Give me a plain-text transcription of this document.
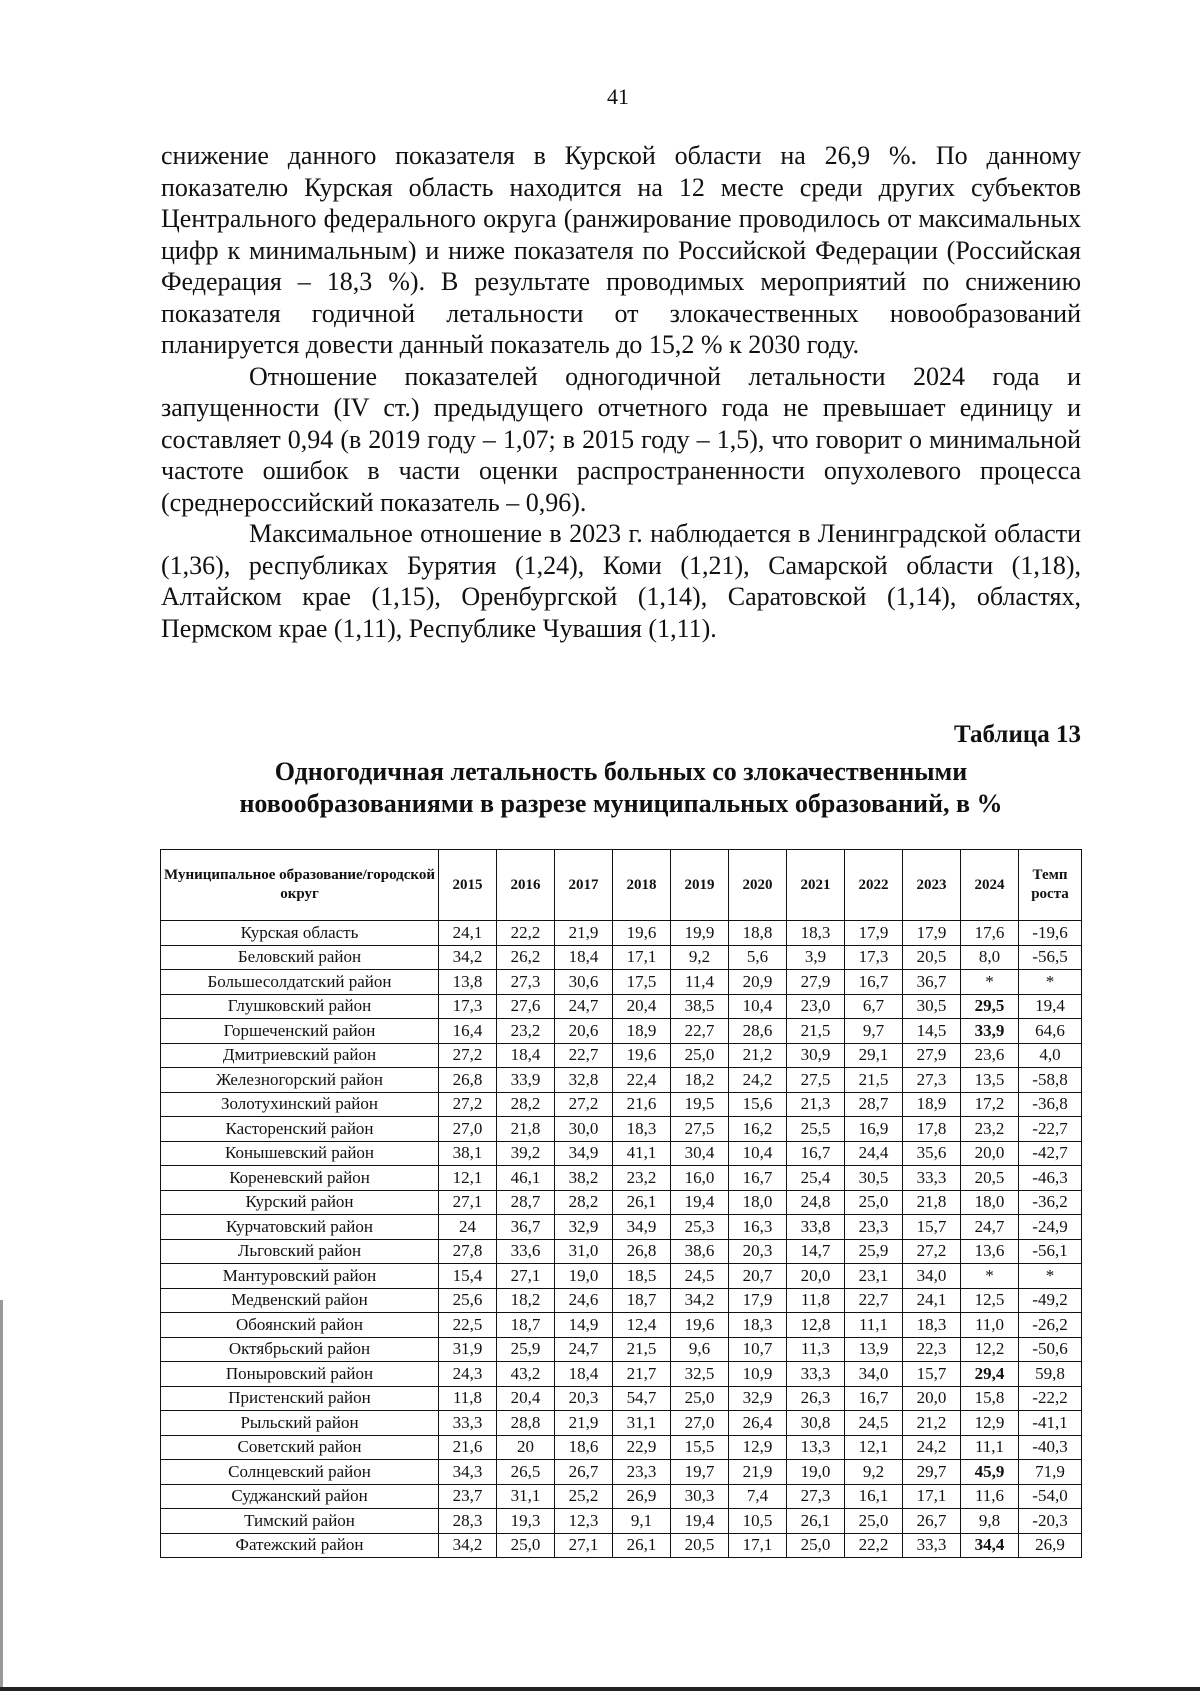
41

снижение данного показателя в Курской области на 26,9 %. По данному показателю Курская область находится на 12 месте среди других субъектов Центрального федерального округа (ранжирование проводилось от максимальных цифр к минимальным) и ниже показателя по Российской Федерации (Российская Федерация – 18,3 %). В результате проводимых мероприятий по снижению показателя годичной летальности от злокачественных новообразований планируется довести данный показатель до 15,2 % к 2030 году.

Отношение показателей одногодичной летальности 2024 года и запущенности (IV ст.) предыдущего отчетного года не превышает единицу и составляет 0,94 (в 2019 году – 1,07; в 2015 году – 1,5), что говорит о минимальной частоте ошибок в части оценки распространенности опухолевого процесса (среднероссийский показатель – 0,96).

Максимальное отношение в 2023 г. наблюдается в Ленинградской области (1,36), республиках Бурятия (1,24), Коми (1,21), Самарской области (1,18), Алтайском крае (1,15), Оренбургской (1,14), Саратовской (1,14), областях, Пермском крае (1,11), Республике Чувашия (1,11).

Таблица 13
Одногодичная летальность больных со злокачественными
новообразованиями в разрезе муниципальных образований, в %
Муниципальное образование/городской округ	2015	2016	2017	2018	2019	2020	2021	2022	2023	2024	Темп роста
Курская область	24,1	22,2	21,9	19,6	19,9	18,8	18,3	17,9	17,9	17,6	-19,6
Беловский район	34,2	26,2	18,4	17,1	9,2	5,6	3,9	17,3	20,5	8,0	-56,5
Большесолдатский район	13,8	27,3	30,6	17,5	11,4	20,9	27,9	16,7	36,7	*	*
Глушковский район	17,3	27,6	24,7	20,4	38,5	10,4	23,0	6,7	30,5	29,5	19,4
Горшеченский район	16,4	23,2	20,6	18,9	22,7	28,6	21,5	9,7	14,5	33,9	64,6
Дмитриевский район	27,2	18,4	22,7	19,6	25,0	21,2	30,9	29,1	27,9	23,6	4,0
Железногорский район	26,8	33,9	32,8	22,4	18,2	24,2	27,5	21,5	27,3	13,5	-58,8
Золотухинский район	27,2	28,2	27,2	21,6	19,5	15,6	21,3	28,7	18,9	17,2	-36,8
Касторенский район	27,0	21,8	30,0	18,3	27,5	16,2	25,5	16,9	17,8	23,2	-22,7
Конышевский район	38,1	39,2	34,9	41,1	30,4	10,4	16,7	24,4	35,6	20,0	-42,7
Кореневский район	12,1	46,1	38,2	23,2	16,0	16,7	25,4	30,5	33,3	20,5	-46,3
Курский район	27,1	28,7	28,2	26,1	19,4	18,0	24,8	25,0	21,8	18,0	-36,2
Курчатовский район	24	36,7	32,9	34,9	25,3	16,3	33,8	23,3	15,7	24,7	-24,9
Льговский район	27,8	33,6	31,0	26,8	38,6	20,3	14,7	25,9	27,2	13,6	-56,1
Мантуровский район	15,4	27,1	19,0	18,5	24,5	20,7	20,0	23,1	34,0	*	*
Медвенский район	25,6	18,2	24,6	18,7	34,2	17,9	11,8	22,7	24,1	12,5	-49,2
Обоянский район	22,5	18,7	14,9	12,4	19,6	18,3	12,8	11,1	18,3	11,0	-26,2
Октябрьский район	31,9	25,9	24,7	21,5	9,6	10,7	11,3	13,9	22,3	12,2	-50,6
Поныровский район	24,3	43,2	18,4	21,7	32,5	10,9	33,3	34,0	15,7	29,4	59,8
Пристенский район	11,8	20,4	20,3	54,7	25,0	32,9	26,3	16,7	20,0	15,8	-22,2
Рыльский район	33,3	28,8	21,9	31,1	27,0	26,4	30,8	24,5	21,2	12,9	-41,1
Советский район	21,6	20	18,6	22,9	15,5	12,9	13,3	12,1	24,2	11,1	-40,3
Солнцевский район	34,3	26,5	26,7	23,3	19,7	21,9	19,0	9,2	29,7	45,9	71,9
Суджанский район	23,7	31,1	25,2	26,9	30,3	7,4	27,3	16,1	17,1	11,6	-54,0
Тимский район	28,3	19,3	12,3	9,1	19,4	10,5	26,1	25,0	26,7	9,8	-20,3
Фатежский район	34,2	25,0	27,1	26,1	20,5	17,1	25,0	22,2	33,3	34,4	26,9
